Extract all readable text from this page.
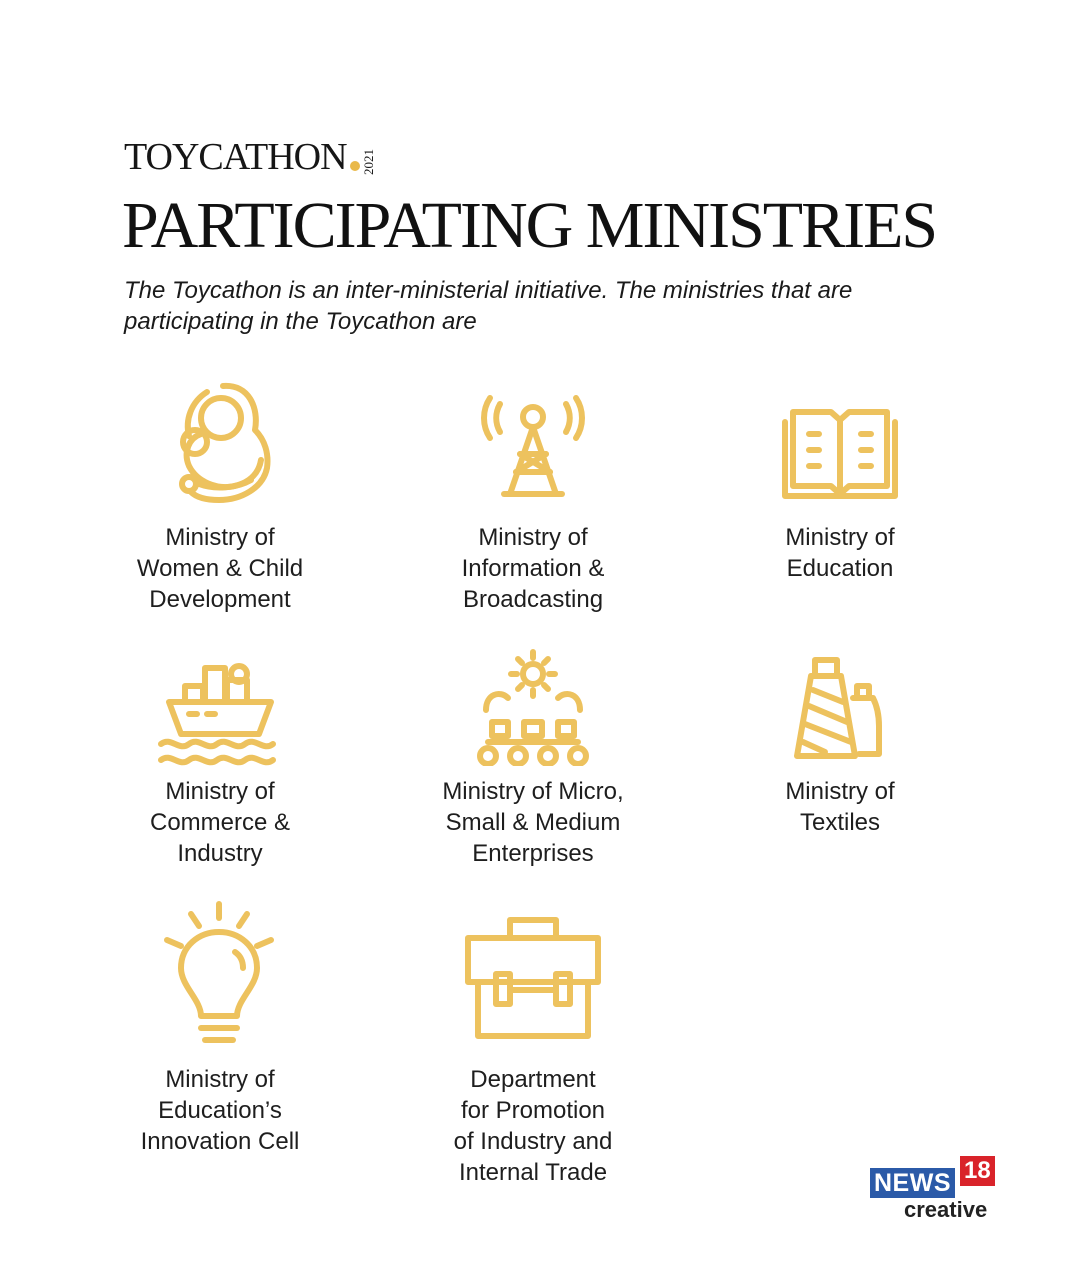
TOYCATHON 2021
PARTICIPATING MINISTRIES

The Toycathon is an inter-ministerial initiative. The ministries that are participating in the Toycathon are

Ministry of
Women & Child
Development
Ministry of
Information &
Broadcasting
Ministry of
Education
Ministry of
Commerce &
Industry
Ministry of Micro,
Small & Medium
Enterprises
Ministry of
Textiles
Ministry of
Education’s
Innovation Cell
Department
for Promotion
of Industry and
Internal Trade	NEWS 18
creative
